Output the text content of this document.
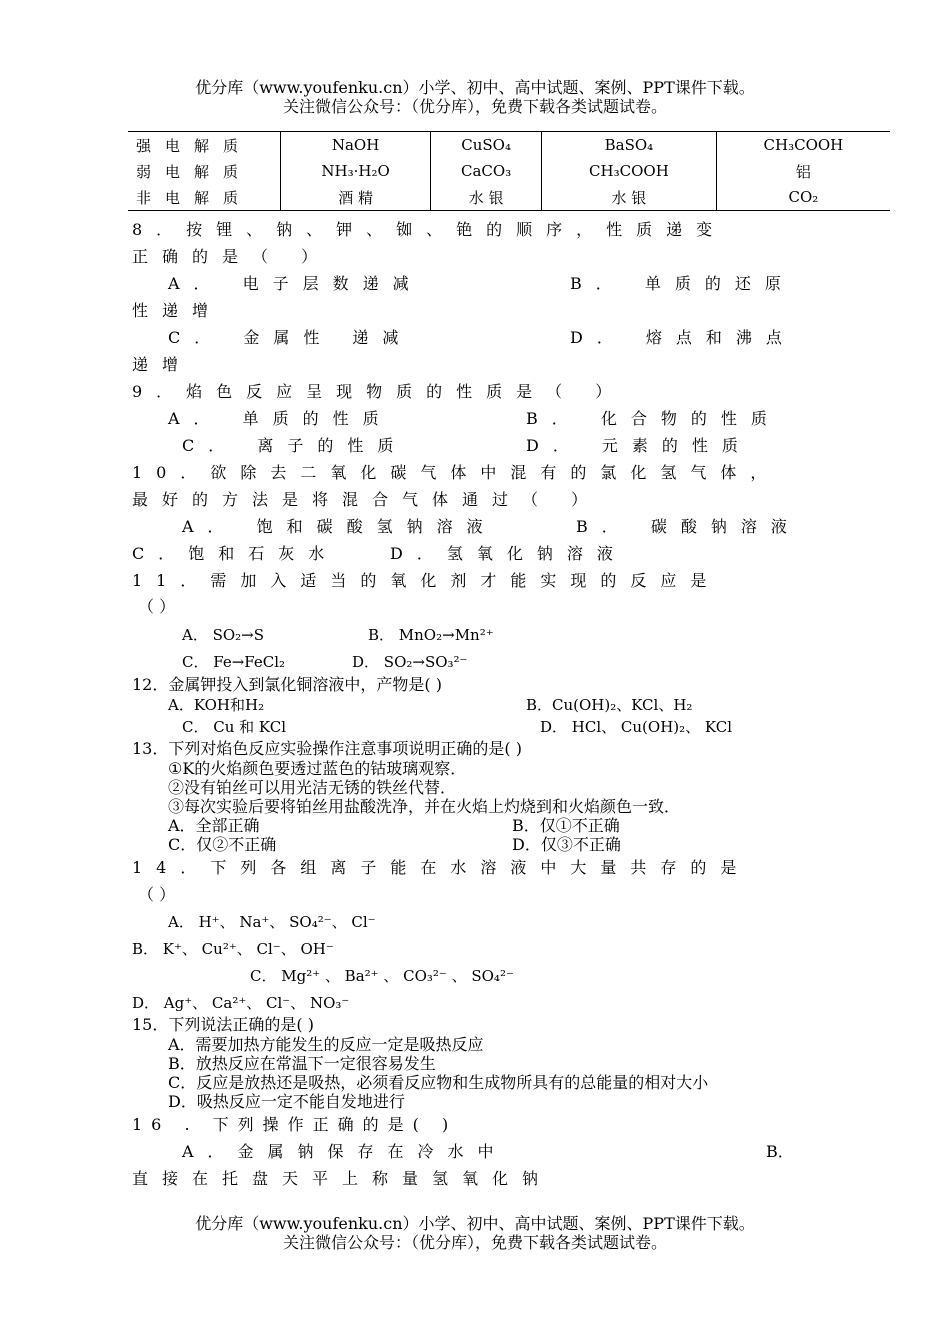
优分库（www.youfenku.cn）小学、初中、高中试题、案例、PPT课件下载。
关注微信公众号：（优分库），免费下载各类试题试卷。
强电解质	NaOH	CuSO₄	BaSO₄	CH₃COOH
弱电解质	NH₃·H₂O	CaCO₃	CH₃COOH	铝
非电解质	酒 精	水 银	水 银	CO₂
8．按锂、钠、钾、铷、铯的顺序，性质递变
正确的是（ ）
A． 电子层数递减	B． 单质的还原
性递增
C． 金属性 递减	D． 熔点和沸点
递增
9．焰色反应呈现物质的性质是（ ）
A． 单质的性质	B． 化合物的性质
C． 离子的性质	D． 元素的性质
10．欲除去二氧化碳气体中混有的氯化氢气体，
最好的方法是将混合气体通过（ ）
A． 饱和碳酸氢钠溶液	B． 碳酸钠溶液
C．饱和石灰水	D．氢氧化钠溶液
11．需加入适当的氧化剂才能实现的反应是
（ ）
A． SO₂→S	B． MnO₂→Mn²⁺
C． Fe→FeCl₂	D． SO₂→SO₃²⁻
12．金属钾投入到氯化铜溶液中，产物是( )
A．KOH和H₂	B．Cu(OH)₂、KCl、H₂
C． Cu 和 KCl	D． HCl、 Cu(OH)₂、 KCl
13．下列对焰色反应实验操作注意事项说明正确的是( )
①K的火焰颜色要透过蓝色的钴玻璃观察．
②没有铂丝可以用光洁无锈的铁丝代替．
③每次实验后要将铂丝用盐酸洗净，并在火焰上灼烧到和火焰颜色一致．
A．全部正确	B．仅①不正确
C．仅②不正确	D．仅③不正确
14．下列各组离子能在水溶液中大量共存的是
（ ）
A． H⁺、 Na⁺、 SO₄²⁻、 Cl⁻
B． K⁺、 Cu²⁺、 Cl⁻、 OH⁻
C． Mg²⁺ 、 Ba²⁺ 、 CO₃²⁻ 、 SO₄²⁻
D． Ag⁺、 Ca²⁺、 Cl⁻、 NO₃⁻
15．下列说法正确的是( )
A．需要加热方能发生的反应一定是吸热反应
B．放热反应在常温下一定很容易发生
C．反应是放热还是吸热，必须看反应物和生成物所具有的总能量的相对大小
D．吸热反应一定不能自发地进行
16 . 下列操作正确的是( )
A．金属钠保存在冷水中	B．
直接在托盘天平上称量氢氧化钠
优分库（www.youfenku.cn）小学、初中、高中试题、案例、PPT课件下载。
关注微信公众号：（优分库），免费下载各类试题试卷。
